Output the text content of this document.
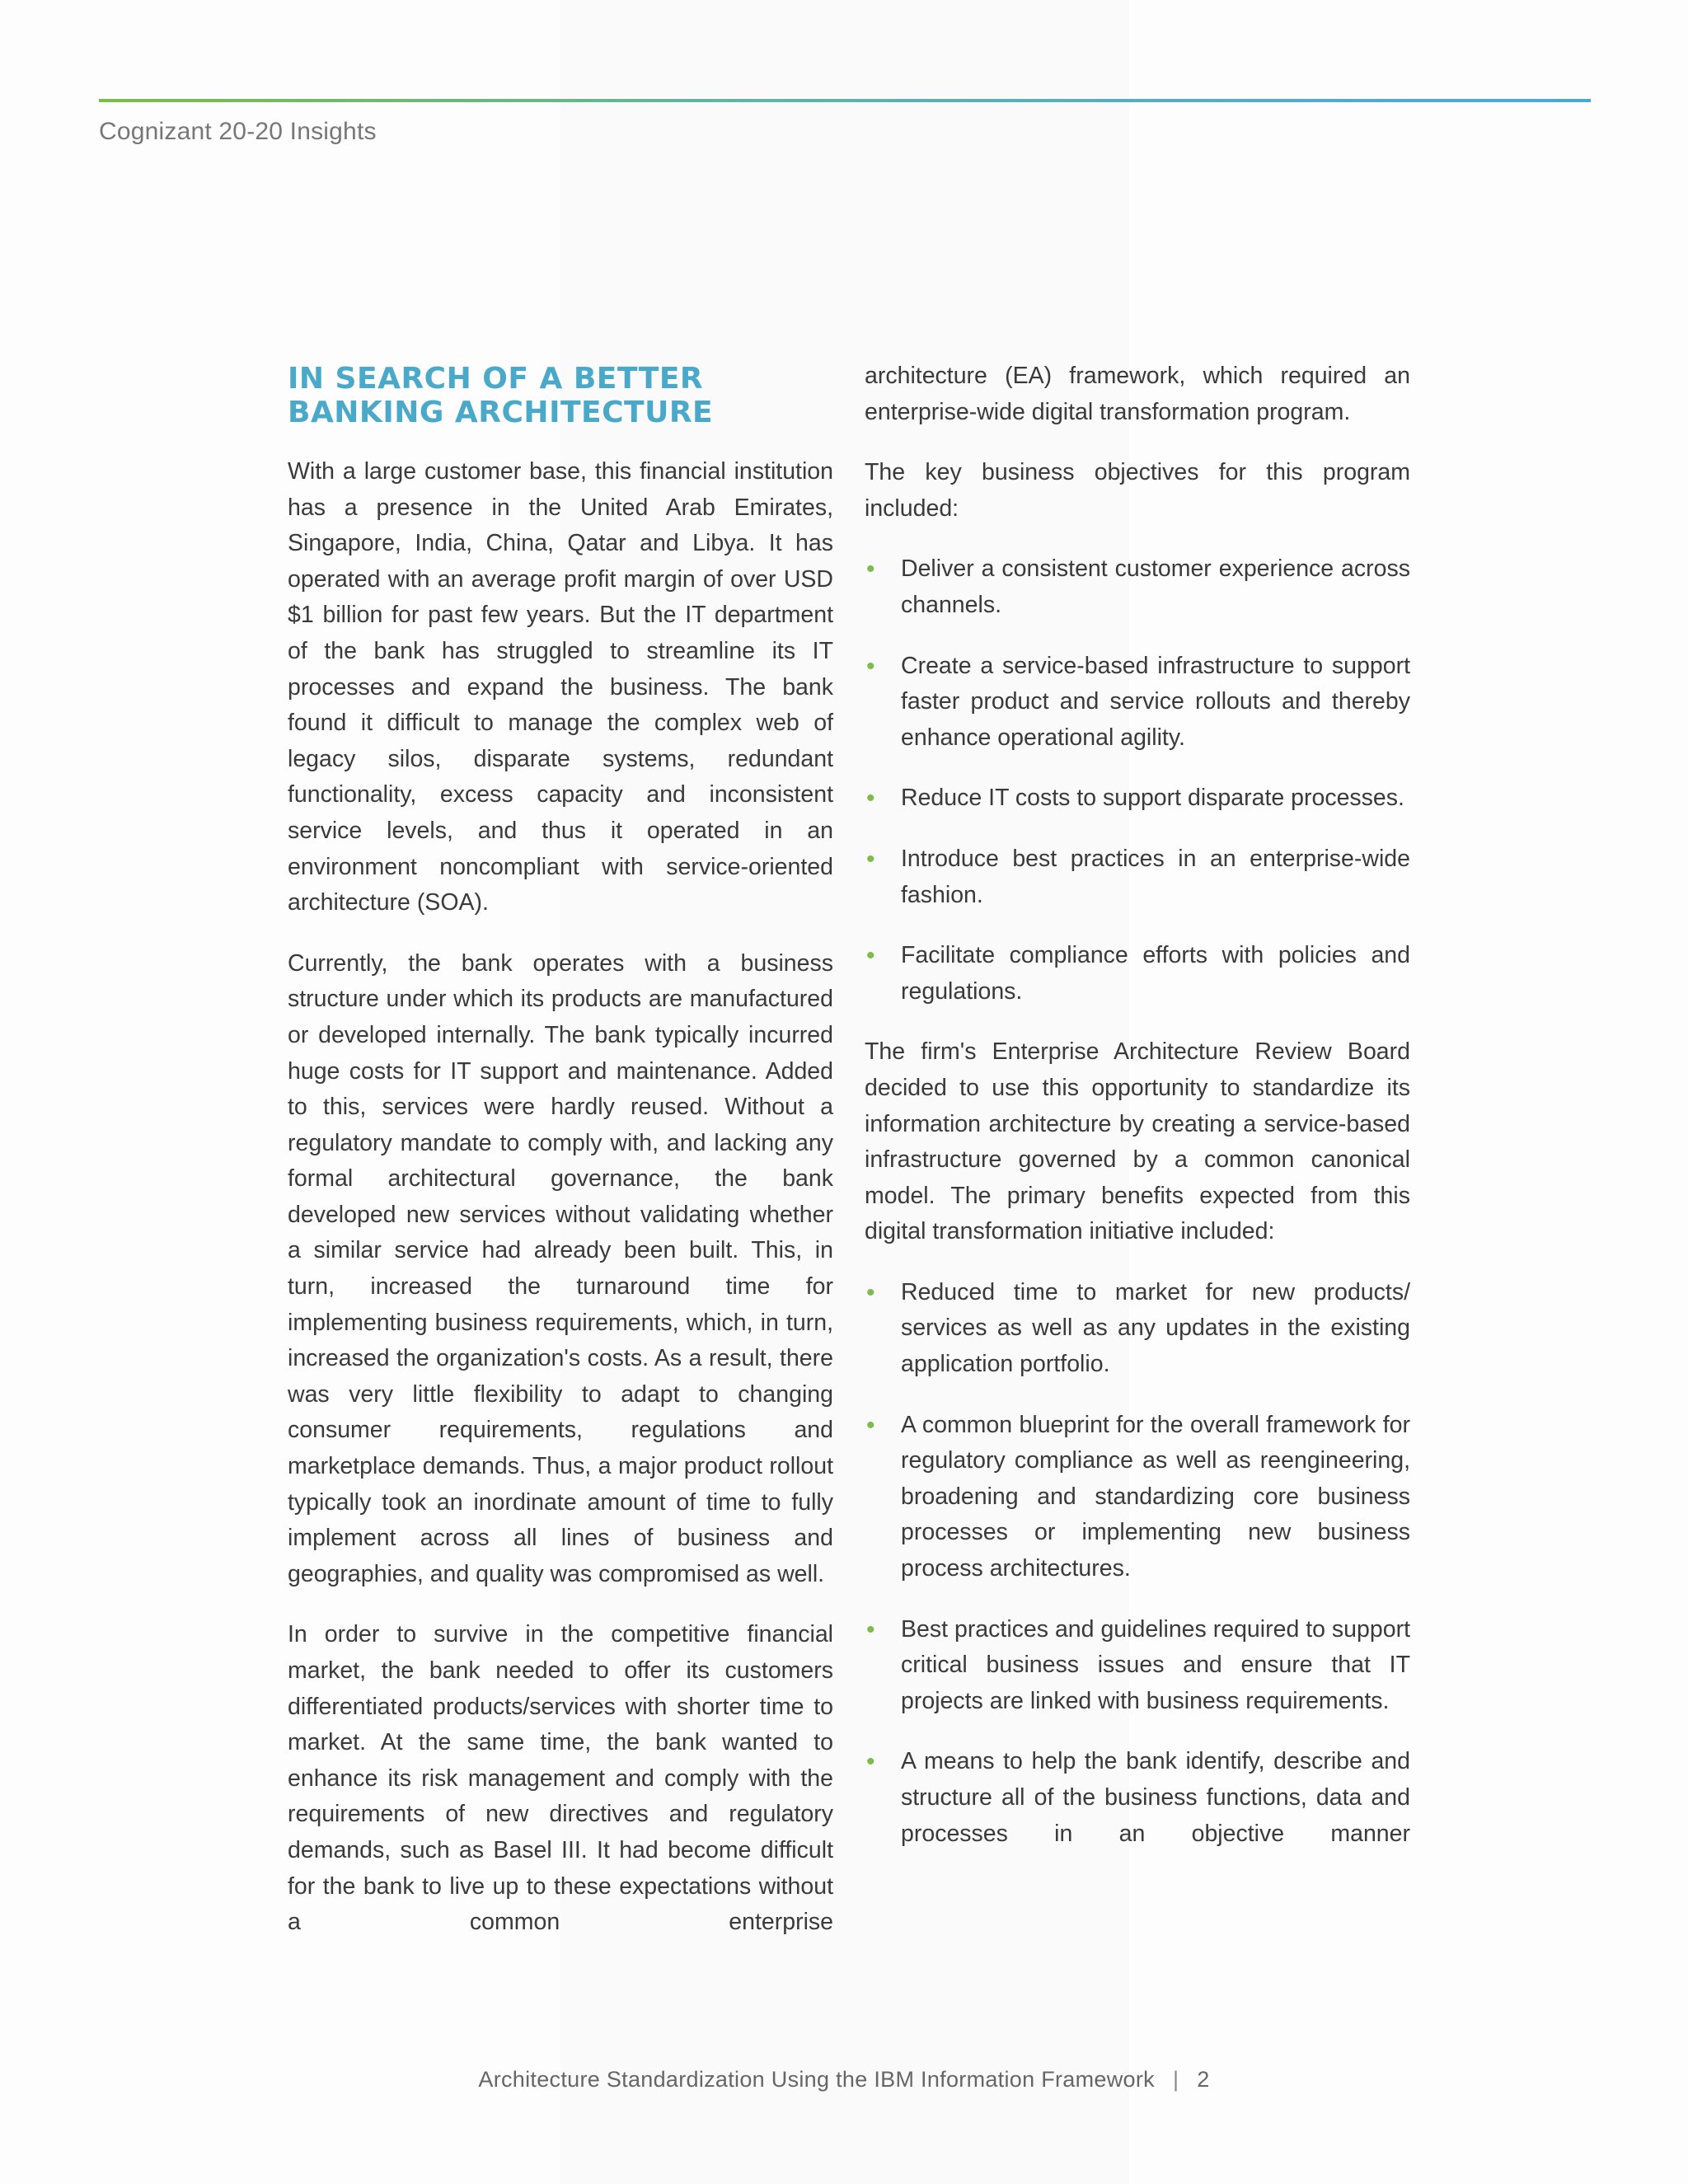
Cognizant 20-20 Insights
IN SEARCH OF A BETTER BANKING ARCHITECTURE

With a large customer base, this financial institution has a presence in the United Arab Emirates, Singapore, India, China, Qatar and Libya. It has operated with an average profit margin of over USD $1 billion for past few years. But the IT department of the bank has struggled to streamline its IT processes and expand the business. The bank found it difficult to manage the complex web of legacy silos, disparate systems, redundant functionality, excess capacity and inconsistent service levels, and thus it operated in an environment noncompliant with service-oriented architecture (SOA).

Currently, the bank operates with a business structure under which its products are manufactured or developed internally. The bank typically incurred huge costs for IT support and maintenance. Added to this, services were hardly reused. Without a regulatory mandate to comply with, and lacking any formal architectural governance, the bank developed new services without validating whether a similar service had already been built. This, in turn, increased the turnaround time for implementing business requirements, which, in turn, increased the organization's costs. As a result, there was very little flexibility to adapt to changing consumer requirements, regulations and marketplace demands. Thus, a major product rollout typically took an inordinate amount of time to fully implement across all lines of business and geographies, and quality was compromised as well.

In order to survive in the competitive financial market, the bank needed to offer its customers differentiated products/services with shorter time to market. At the same time, the bank wanted to enhance its risk management and comply with the requirements of new directives and regulatory demands, such as Basel III. It had become difficult for the bank to live up to these expectations without a common enterprise

architecture (EA) framework, which required an enterprise-wide digital transformation program.

The key business objectives for this program included:

• Deliver a consistent customer experience across channels.
• Create a service-based infrastructure to support faster product and service rollouts and thereby enhance operational agility.
• Reduce IT costs to support disparate processes.
• Introduce best practices in an enterprise-wide fashion.
• Facilitate compliance efforts with policies and regulations.

The firm's Enterprise Architecture Review Board decided to use this opportunity to standardize its information architecture by creating a service-based infrastructure governed by a common canonical model. The primary benefits expected from this digital transformation initiative included:

• Reduced time to market for new products/ services as well as any updates in the existing application portfolio.
• A common blueprint for the overall framework for regulatory compliance as well as reengineering, broadening and standardizing core business processes or implementing new business process architectures.
• Best practices and guidelines required to support critical business issues and ensure that IT projects are linked with business requirements.
• A means to help the bank identify, describe and structure all of the business functions, data and processes in an objective manner
Architecture Standardization Using the IBM Information Framework | 2
